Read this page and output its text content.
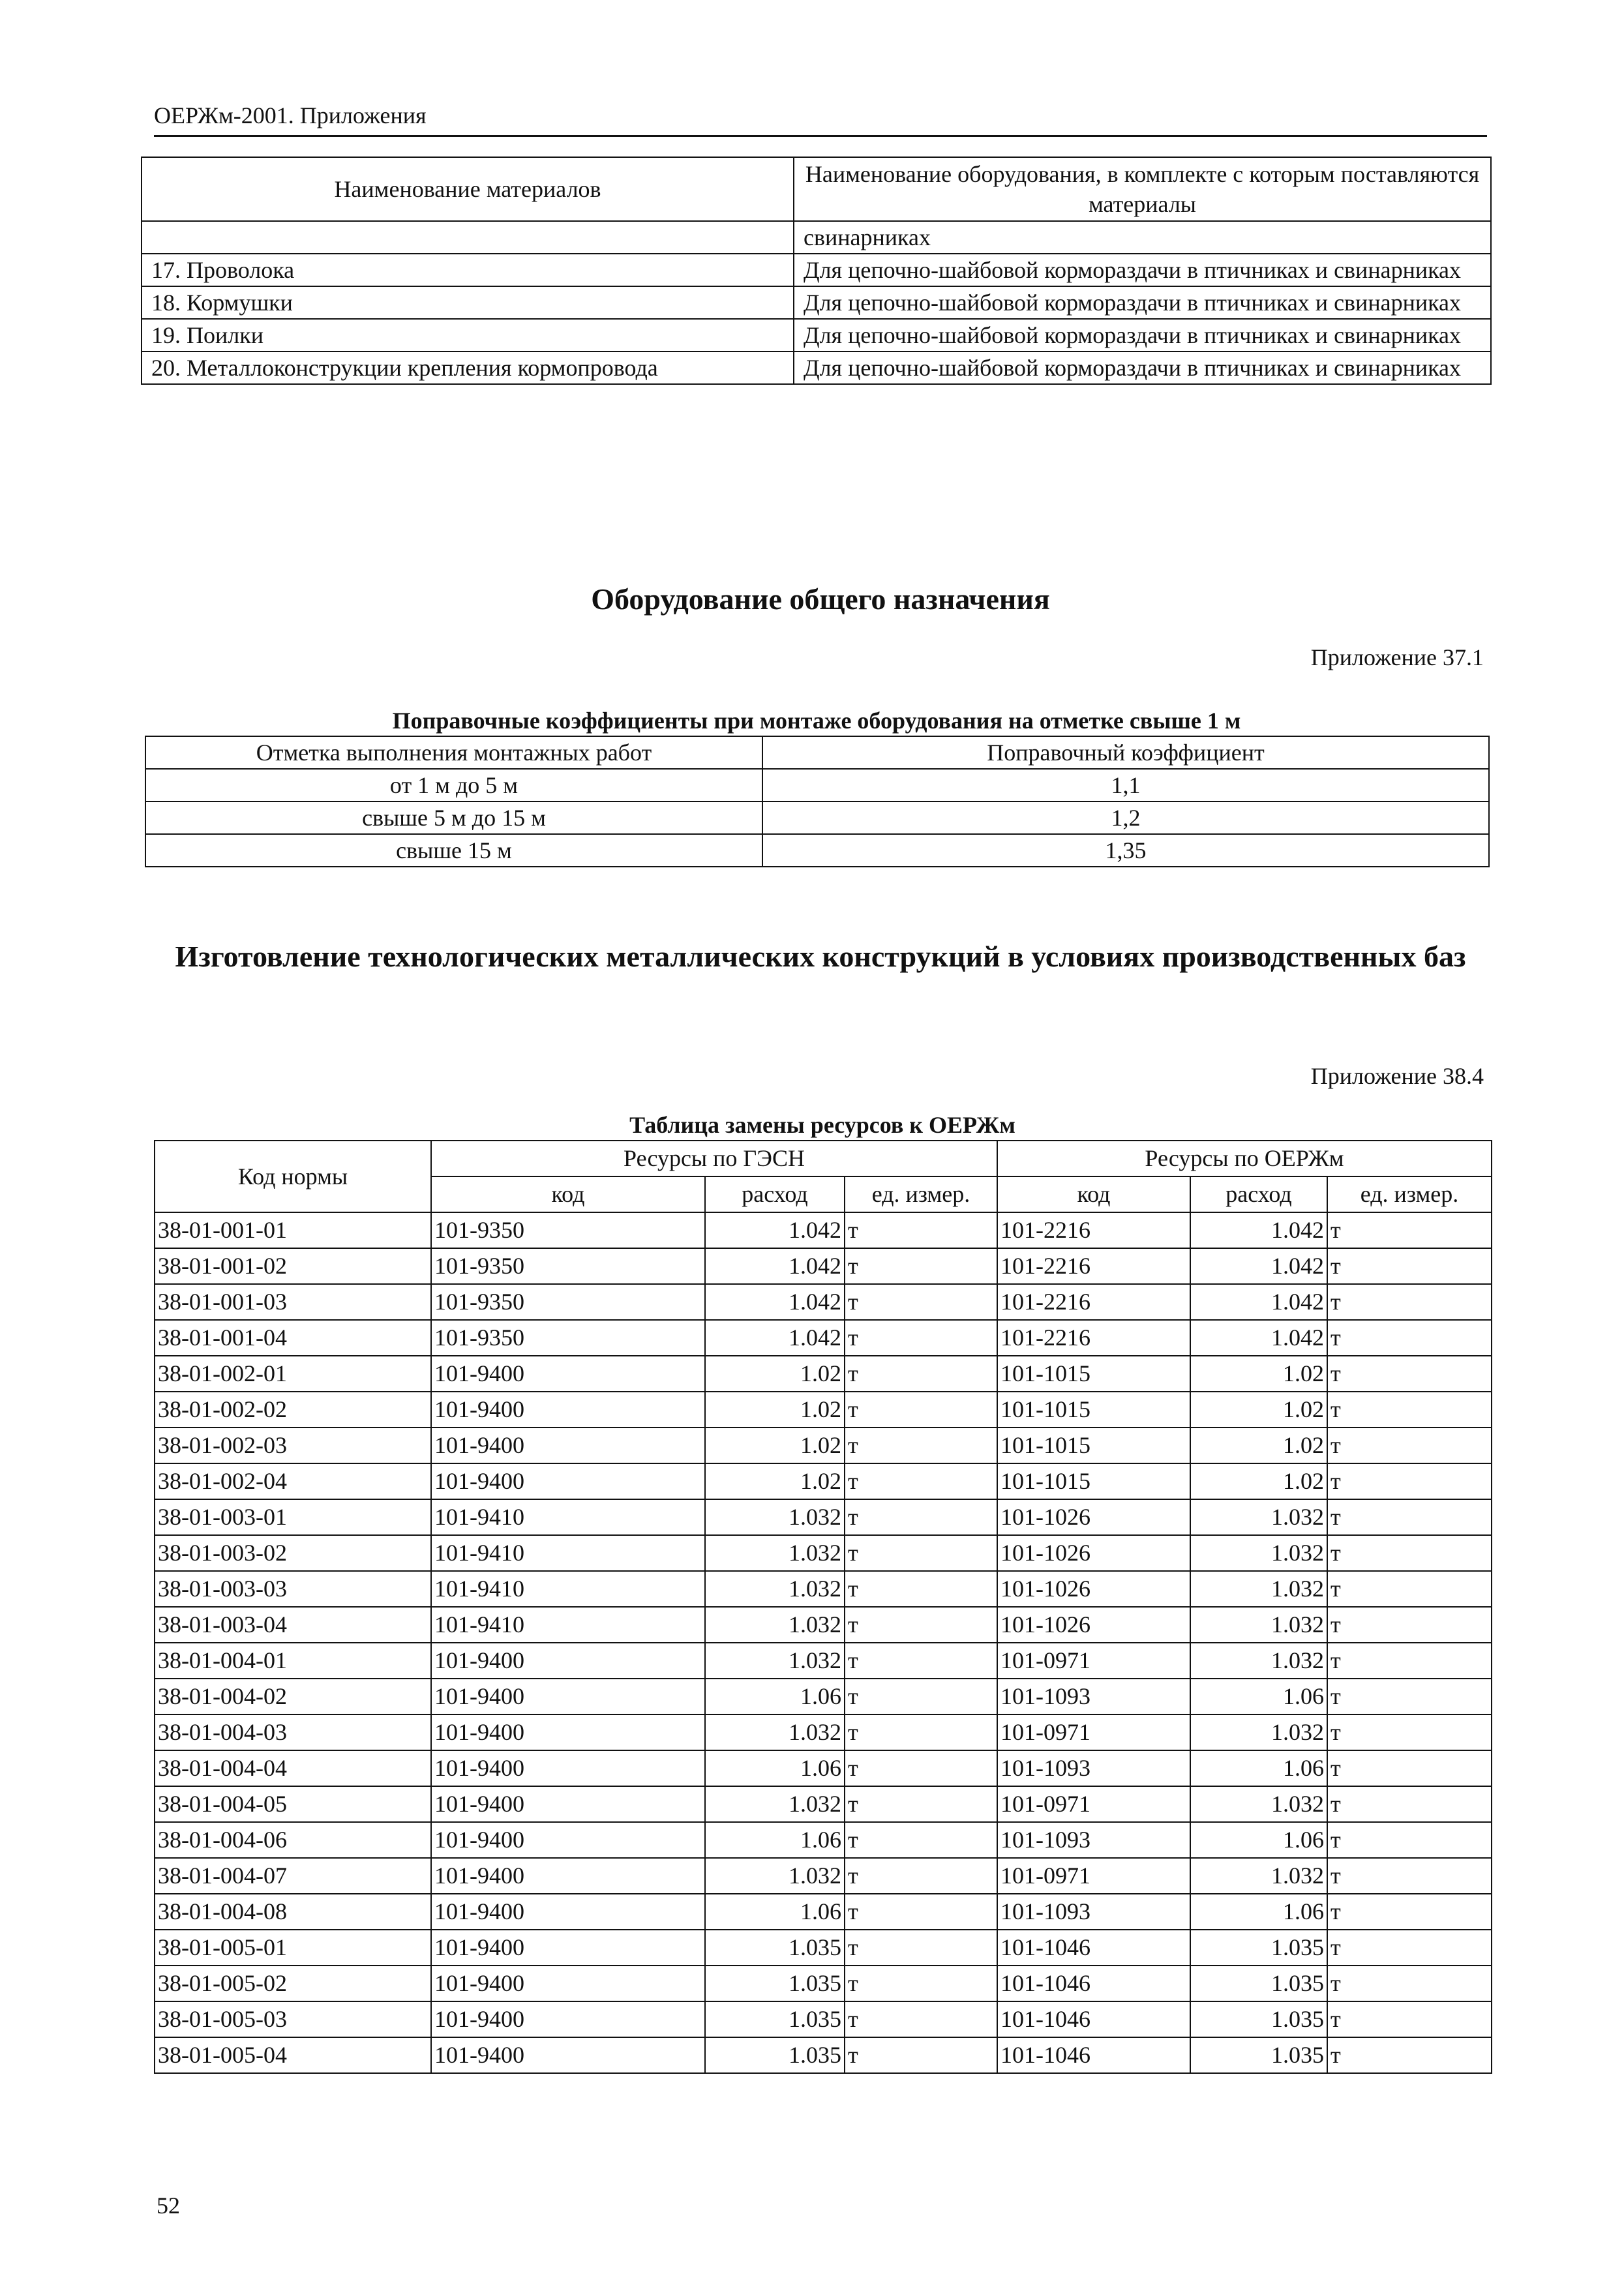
ОЕРЖм-2001. Приложения
Наименование материалов	Наименование оборудования, в комплекте с которым поставляются материалы
	свинарниках
17. Проволока	Для цепочно-шайбовой кормораздачи в птичниках и свинарниках
18. Кормушки	Для цепочно-шайбовой кормораздачи в птичниках и свинарниках
19. Поилки	Для цепочно-шайбовой кормораздачи в птичниках и свинарниках
20. Металлоконструкции крепления кормопровода	Для цепочно-шайбовой кормораздачи в птичниках и свинарниках
Оборудование общего назначения
Приложение 37.1
Поправочные коэффициенты при монтаже оборудования на отметке свыше 1 м
Отметка выполнения монтажных работ	Поправочный коэффициент
от 1 м до 5 м	1,1
свыше 5 м до 15 м	1,2
свыше 15 м	1,35
Изготовление технологических металлических конструкций в условиях производственных баз
Приложение 38.4
Таблица замены ресурсов к ОЕРЖм
Код нормы	Ресурсы по ГЭСН			Ресурсы по ОЕРЖм		
	код	расход	ед. измер.	код	расход	ед. измер.
38-01-001-01	101-9350	1.042	т	101-2216	1.042	т
38-01-001-02	101-9350	1.042	т	101-2216	1.042	т
38-01-001-03	101-9350	1.042	т	101-2216	1.042	т
38-01-001-04	101-9350	1.042	т	101-2216	1.042	т
38-01-002-01	101-9400	1.02	т	101-1015	1.02	т
38-01-002-02	101-9400	1.02	т	101-1015	1.02	т
38-01-002-03	101-9400	1.02	т	101-1015	1.02	т
38-01-002-04	101-9400	1.02	т	101-1015	1.02	т
38-01-003-01	101-9410	1.032	т	101-1026	1.032	т
38-01-003-02	101-9410	1.032	т	101-1026	1.032	т
38-01-003-03	101-9410	1.032	т	101-1026	1.032	т
38-01-003-04	101-9410	1.032	т	101-1026	1.032	т
38-01-004-01	101-9400	1.032	т	101-0971	1.032	т
38-01-004-02	101-9400	1.06	т	101-1093	1.06	т
38-01-004-03	101-9400	1.032	т	101-0971	1.032	т
38-01-004-04	101-9400	1.06	т	101-1093	1.06	т
38-01-004-05	101-9400	1.032	т	101-0971	1.032	т
38-01-004-06	101-9400	1.06	т	101-1093	1.06	т
38-01-004-07	101-9400	1.032	т	101-0971	1.032	т
38-01-004-08	101-9400	1.06	т	101-1093	1.06	т
38-01-005-01	101-9400	1.035	т	101-1046	1.035	т
38-01-005-02	101-9400	1.035	т	101-1046	1.035	т
38-01-005-03	101-9400	1.035	т	101-1046	1.035	т
38-01-005-04	101-9400	1.035	т	101-1046	1.035	т
52
